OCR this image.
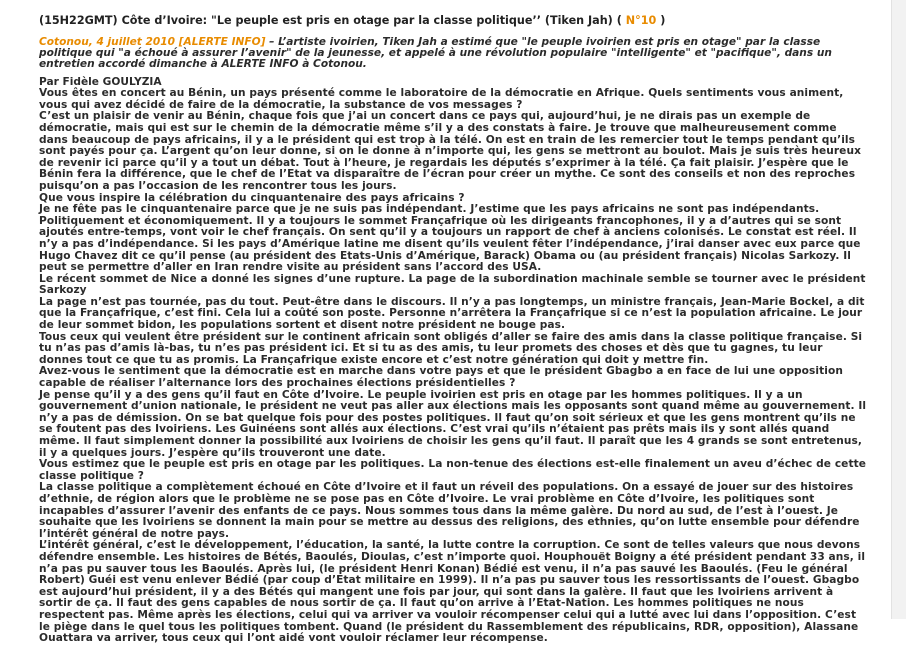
(15H22GMT) Côte d’Ivoire: "Le peuple est pris en otage par la classe politique’’ (Tiken Jah) ( N°10 )

Cotonou, 4 juillet 2010 [ALERTE INFO] – L’artiste ivoirien, Tiken Jah a estimé que "le peuple ivoirien est pris en otage" par la classe politique qui "a échoué à assurer l’avenir" de la jeunesse, et appelé à une révolution populaire "intelligente" et "pacifique", dans un entretien accordé dimanche à ALERTE INFO à Cotonou.

Par Fidèle GOULYZIA

Vous êtes en concert au Bénin, un pays présenté comme le laboratoire de la démocratie en Afrique. Quels sentiments vous animent, vous qui avez décidé de faire de la démocratie, la substance de vos messages ?

C’est un plaisir de venir au Bénin, chaque fois que j’ai un concert dans ce pays qui, aujourd’hui, je ne dirais pas un exemple de démocratie, mais qui est sur le chemin de la démocratie même s’il y a des constats à faire. Je trouve que malheureusement comme dans beaucoup de pays africains, il y a le président qui est trop à la télé. On est en train de les remercier tout le temps pendant qu’ils sont payés pour ça. L’argent qu’on leur donne, si on le donne à n’importe qui, les gens se mettront au boulot. Mais je suis très heureux de revenir ici parce qu’il y a tout un débat. Tout à l’heure, je regardais les députés s’exprimer à la télé. Ça fait plaisir. J’espère que le Bénin fera la différence, que le chef de l’Etat va disparaître de l’écran pour créer un mythe. Ce sont des conseils et non des reproches puisqu’on a pas l’occasion de les rencontrer tous les jours.

Que vous inspire la célébration du cinquantenaire des pays africains ?

Je ne fête pas le cinquantenaire parce que je ne suis pas indépendant. J’estime que les pays africains ne sont pas indépendants. Politiquement et économiquement. Il y a toujours le sommet Françafrique où les dirigeants francophones, il y a d’autres qui se sont ajoutés entre-temps, vont voir le chef français. On sent qu’il y a toujours un rapport de chef à anciens colonisés. Le constat est réel. Il n’y a pas d’indépendance. Si les pays d’Amérique latine me disent qu’ils veulent fêter l’indépendance, j’irai danser avec eux parce que Hugo Chavez dit ce qu’il pense (au président des Etats-Unis d’Amérique, Barack) Obama ou (au président français) Nicolas Sarkozy. Il peut se permettre d’aller en Iran rendre visite au président sans l’accord des USA.

Le récent sommet de Nice a donné les signes d’une rupture. La page de la subordination machinale semble se tourner avec le président Sarkozy

La page n’est pas tournée, pas du tout. Peut-être dans le discours. Il n’y a pas longtemps, un ministre français, Jean-Marie Bockel, a dit que la Françafrique, c’est fini. Cela lui a coûté son poste. Personne n’arrêtera la Françafrique si ce n’est la population africaine. Le jour de leur sommet bidon, les populations sortent et disent notre président ne bouge pas.

Tous ceux qui veulent être président sur le continent africain sont obligés d’aller se faire des amis dans la classe politique française. Si tu n’as pas d’amis là-bas, tu n’es pas président ici. Et si tu as des amis, tu leur promets des choses et dès que tu gagnes, tu leur donnes tout ce que tu as promis. La Françafrique existe encore et c’est notre génération qui doit y mettre fin.

Avez-vous le sentiment que la démocratie est en marche dans votre pays et que le président Gbagbo a en face de lui une opposition capable de réaliser l’alternance lors des prochaines élections présidentielles ?

Je pense qu’il y a des gens qu’il faut en Côte d’Ivoire. Le peuple ivoirien est pris en otage par les hommes politiques. Il y a un gouvernement d’union nationale, le président ne veut pas aller aux élections mais les opposants sont quand même au gouvernement. Il n’y a pas de démission. On se bat quelque fois pour des postes politiques. Il faut qu’on soit sérieux et que les gens montrent qu’ils ne se foutent pas des Ivoiriens. Les Guinéens sont allés aux élections. C’est vrai qu’ils n’étaient pas prêts mais ils y sont allés quand même. Il faut simplement donner la possibilité aux Ivoiriens de choisir les gens qu’il faut. Il paraît que les 4 grands se sont entretenus, il y a quelques jours. J’espère qu’ils trouveront une date.

Vous estimez que le peuple est pris en otage par les politiques. La non-tenue des élections est-elle finalement un aveu d’échec de cette classe politique ?

La classe politique a complètement échoué en Côte d’Ivoire et il faut un réveil des populations. On a essayé de jouer sur des histoires d’ethnie, de région alors que le problème ne se pose pas en Côte d’Ivoire. Le vrai problème en Côte d’Ivoire, les politiques sont incapables d’assurer l’avenir des enfants de ce pays. Nous sommes tous dans la même galère. Du nord au sud, de l’est à l’ouest. Je souhaite que les Ivoiriens se donnent la main pour se mettre au dessus des religions, des ethnies, qu’on lutte ensemble pour défendre l’intérêt général de notre pays.

L’intérêt général, c’est le développement, l’éducation, la santé, la lutte contre la corruption. Ce sont de telles valeurs que nous devons défendre ensemble. Les histoires de Bétés, Baoulés, Dioulas, c’est n’importe quoi. Houphouët Boigny a été président pendant 33 ans, il n’a pas pu sauver tous les Baoulés. Après lui, (le président Henri Konan) Bédié est venu, il n’a pas sauvé les Baoulés. (Feu le général Robert) Guéi est venu enlever Bédié (par coup d’Etat militaire en 1999). Il n’a pas pu sauver tous les ressortissants de l’ouest. Gbagbo est aujourd’hui président, il y a des Bétés qui mangent une fois par jour, qui sont dans la galère. Il faut que les Ivoiriens arrivent à sortir de ça. Il faut des gens capables de nous sortir de ça. Il faut qu’on arrive à l’Etat-Nation. Les hommes politiques ne nous respectent pas. Même après les élections, celui qui va arriver va vouloir récompenser celui qui a lutté avec lui dans l’opposition. C’est le piège dans le quel tous les politiques tombent. Quand (le président du Rassemblement des républicains, RDR, opposition), Alassane Ouattara va arriver, tous ceux qui l’ont aidé vont vouloir réclamer leur récompense.
